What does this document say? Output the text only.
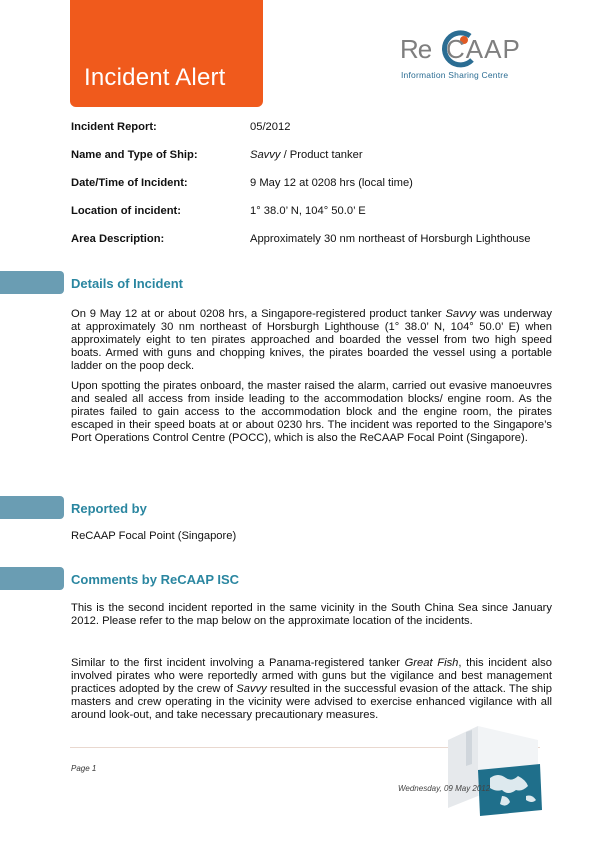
Incident Alert
Re CAAP
Information Sharing Centre
Incident Report:	05/2012
Name and Type of Ship:	Savvy / Product tanker
Date/Time of Incident:	9 May 12 at 0208 hrs (local time)
Location of incident:	1° 38.0’ N, 104° 50.0’ E
Area Description:	Approximately 30 nm northeast of Horsburgh Lighthouse
Details of Incident

On 9 May 12 at or about 0208 hrs, a Singapore-registered product tanker Savvy was underway at approximately 30 nm northeast of Horsburgh Lighthouse (1° 38.0’ N, 104° 50.0’ E) when approximately eight to ten pirates approached and boarded the vessel from two high speed boats. Armed with guns and chopping knives, the pirates boarded the vessel using a portable ladder on the poop deck.

Upon spotting the pirates onboard, the master raised the alarm, carried out evasive manoeuvres and sealed all access from inside leading to the accommodation blocks/ engine room. As the pirates failed to gain access to the accommodation block and the engine room, the pirates escaped in their speed boats at or about 0230 hrs. The incident was reported to the Singapore’s Port Operations Control Centre (POCC), which is also the ReCAAP Focal Point (Singapore).

Reported by

ReCAAP Focal Point (Singapore)

Comments by ReCAAP ISC

This is the second incident reported in the same vicinity in the South China Sea since January 2012. Please refer to the map below on the approximate location of the incidents.

Similar to the first incident involving a Panama-registered tanker Great Fish, this incident also involved pirates who were reportedly armed with guns but the vigilance and best management practices adopted by the crew of Savvy resulted in the successful evasion of the attack. The ship masters and crew operating in the vicinity were advised to exercise enhanced vigilance with all around look-out, and take necessary precautionary measures.

Page 1
Wednesday, 09 May 2012
